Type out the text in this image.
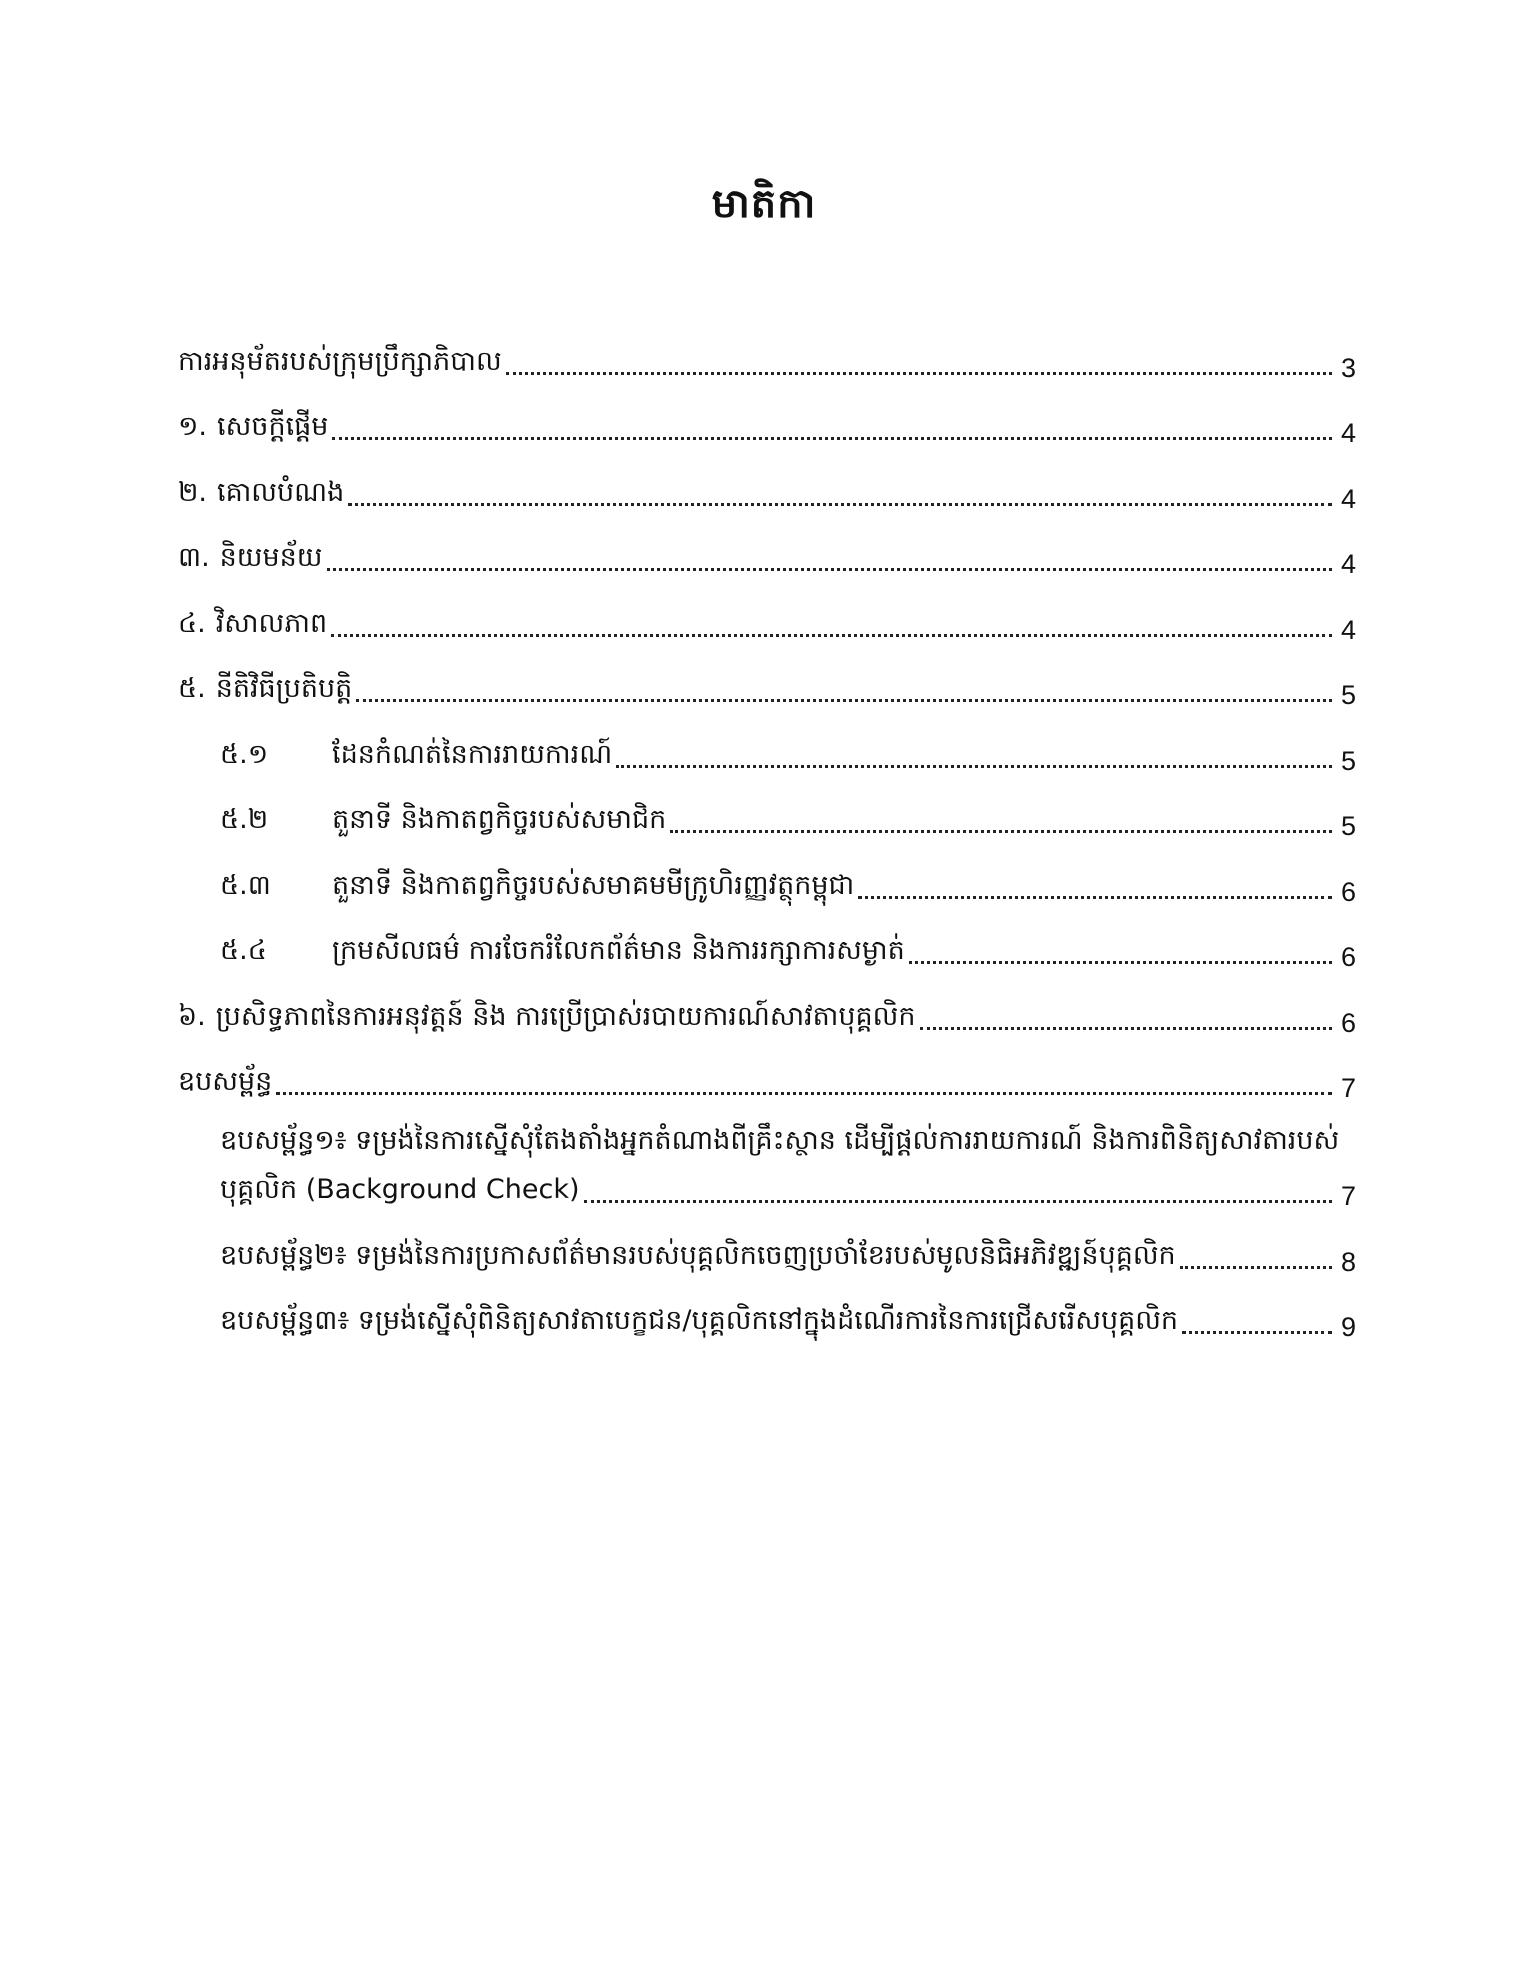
មាតិកា
ការអនុម័តរបស់ក្រុមប្រឹក្សាភិបាល	3
១. សេចក្ដីផ្ដើម	4
២. គោលបំណង	4
៣. និយមន័យ	4
៤. វិសាលភាព	4
៥. នីតិវិធីប្រតិបត្តិ	5
៥.១	ដែនកំណត់នៃការរាយការណ៍	5
៥.២	តួនាទី និងកាតព្វកិច្ចរបស់សមាជិក	5
៥.៣	តួនាទី និងកាតព្វកិច្ចរបស់សមាគមមីក្រូហិរញ្ញវត្ថុកម្ពុជា	6
៥.៤	ក្រមសីលធម៌ ការចែករំលែកព័ត៌មាន និងការរក្សាការសម្ងាត់	6
៦. ប្រសិទ្ធភាពនៃការអនុវត្តន៍ និង ការប្រើប្រាស់របាយការណ៍សាវតាបុគ្គលិក	6
ឧបសម្ព័ន្ធ	7
ឧបសម្ព័ន្ធ១៖ ទម្រង់នៃការស្នើសុំតែងតាំងអ្នកតំណាងពីគ្រឹះស្ថាន ដើម្បីផ្ដល់ការរាយការណ៍ និងការពិនិត្យសាវតារបស់
បុគ្គលិក (Background Check)	7
ឧបសម្ព័ន្ធ២៖ ទម្រង់នៃការប្រកាសព័ត៌មានរបស់បុគ្គលិកចេញប្រចាំខែរបស់មូលនិធិអភិវឌ្ឍន៍បុគ្គលិក	8
ឧបសម្ព័ន្ធ៣៖ ទម្រង់ស្នើសុំពិនិត្យសាវតាបេក្ខជន/បុគ្គលិកនៅក្នុងដំណើរការនៃការជ្រើសរើសបុគ្គលិក	9
